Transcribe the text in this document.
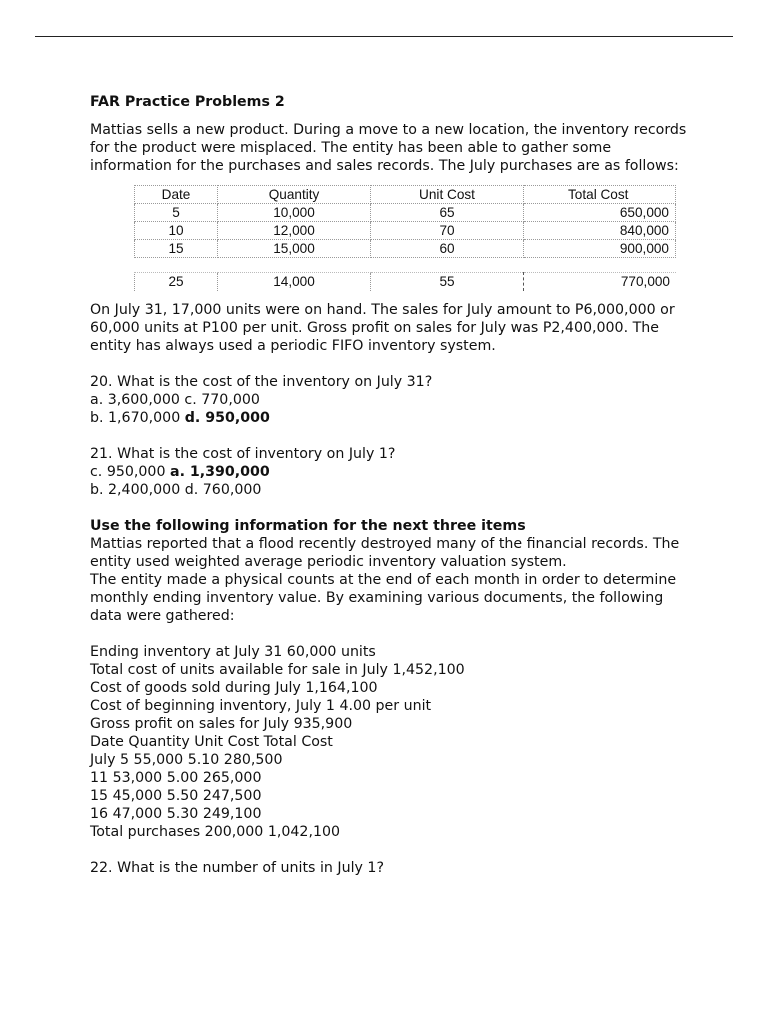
FAR Practice Problems 2

Mattias sells a new product. During a move to a new location, the inventory records for the product were misplaced. The entity has been able to gather some information for the purchases and sales records. The July purchases are as follows:

Date	Quantity	Unit Cost	Total Cost
5	10,000	65	650,000
10	12,000	70	840,000
15	15,000	60	900,000
25	14,000	55	770,000

On July 31, 17,000 units were on hand. The sales for July amount to P6,000,000 or 60,000 units at P100 per unit. Gross profit on sales for July was P2,400,000. The entity has always used a periodic FIFO inventory system.

20. What is the cost of the inventory on July 31?

a. 3,600,000 c. 770,000

b. 1,670,000 d. 950,000

21. What is the cost of inventory on July 1?

c. 950,000 a. 1,390,000

b. 2,400,000 d. 760,000

Use the following information for the next three items

Mattias reported that a flood recently destroyed many of the financial records. The entity used weighted average periodic inventory valuation system.

The entity made a physical counts at the end of each month in order to determine monthly ending inventory value. By examining various documents, the following data were gathered:

Ending inventory at July 31 60,000 units

Total cost of units available for sale in July 1,452,100

Cost of goods sold during July 1,164,100

Cost of beginning inventory, July 1 4.00 per unit

Gross profit on sales for July 935,900

Date Quantity Unit Cost Total Cost

July 5 55,000 5.10 280,500

11 53,000 5.00 265,000

15 45,000 5.50 247,500

16 47,000 5.30 249,100

Total purchases 200,000 1,042,100

22. What is the number of units in July 1?
